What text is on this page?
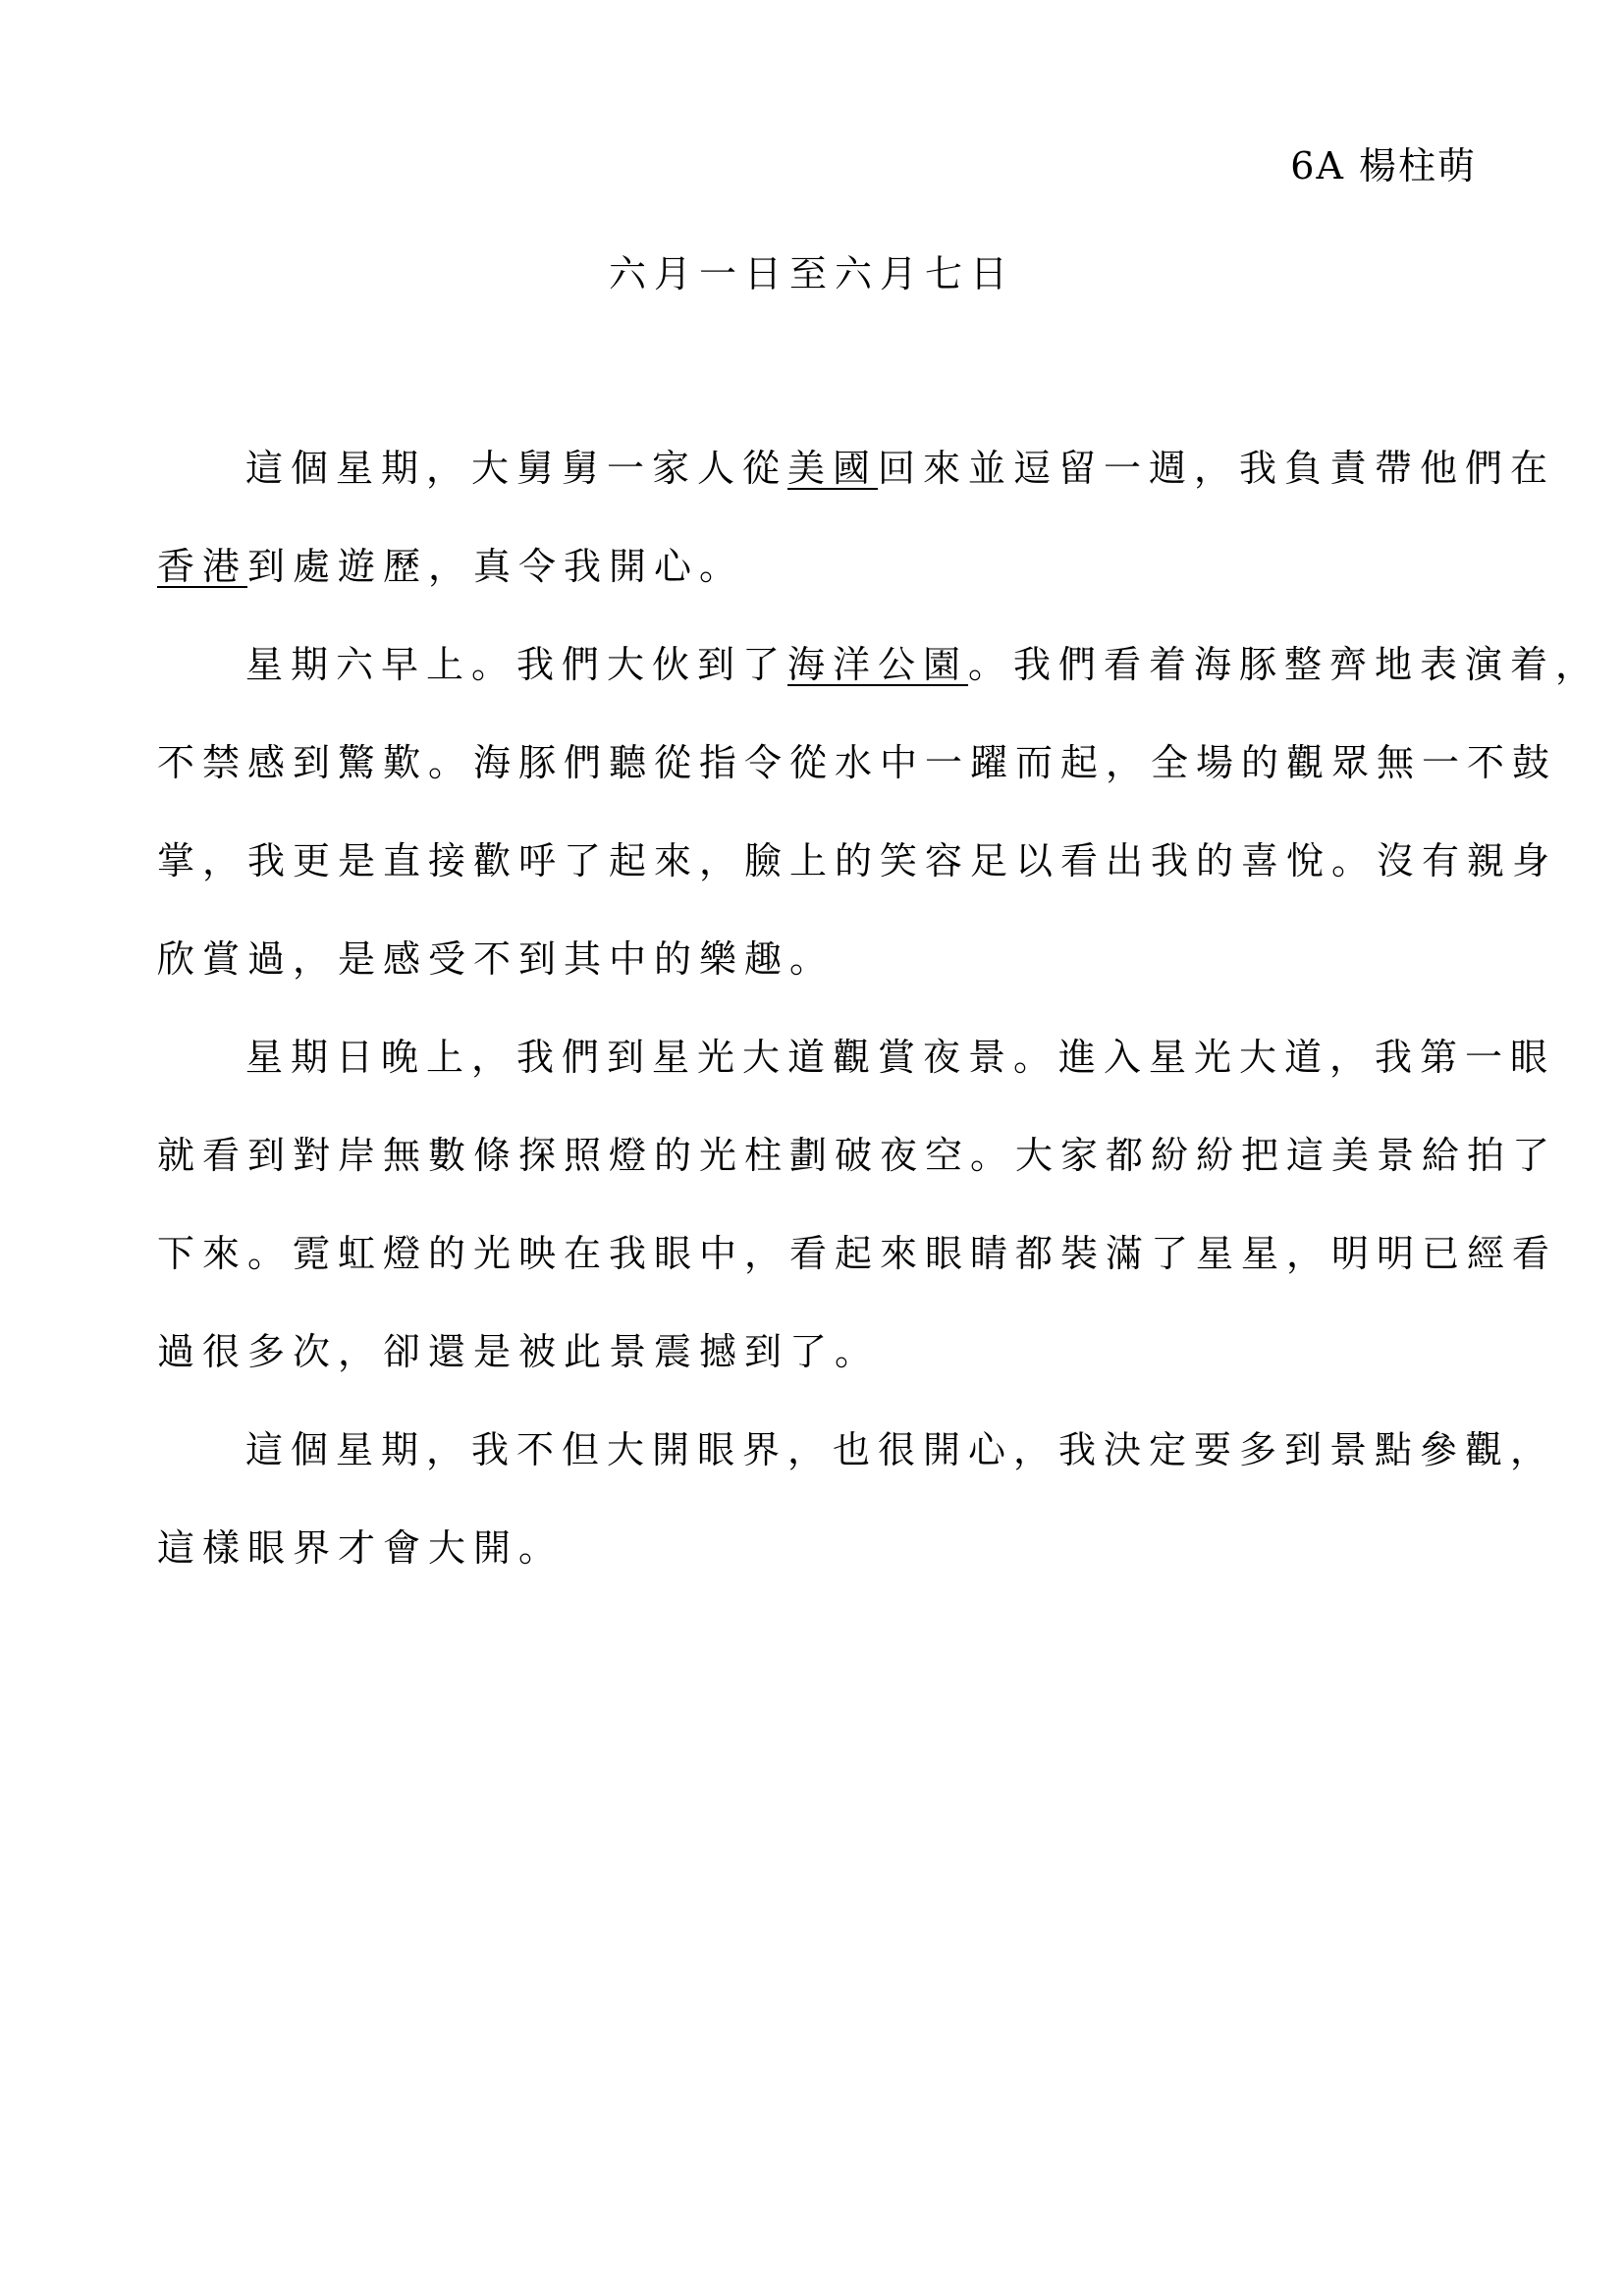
6A 楊柱萌
六月一日至六月七日
這個星期，大舅舅一家人從美國回來並逗留一週，我負責帶他們在
香港到處遊歷，真令我開心。
星期六早上。我們大伙到了海洋公園。我們看着海豚整齊地表演着，
不禁感到驚歎。海豚們聽從指令從水中一躍而起，全場的觀眾無一不鼓
掌，我更是直接歡呼了起來，臉上的笑容足以看出我的喜悅。沒有親身
欣賞過，是感受不到其中的樂趣。
星期日晚上，我們到星光大道觀賞夜景。進入星光大道，我第一眼
就看到對岸無數條探照燈的光柱劃破夜空。大家都紛紛把這美景給拍了
下來。霓虹燈的光映在我眼中，看起來眼睛都裝滿了星星，明明已經看
過很多次，卻還是被此景震撼到了。
這個星期，我不但大開眼界，也很開心，我決定要多到景點參觀，
這樣眼界才會大開。
